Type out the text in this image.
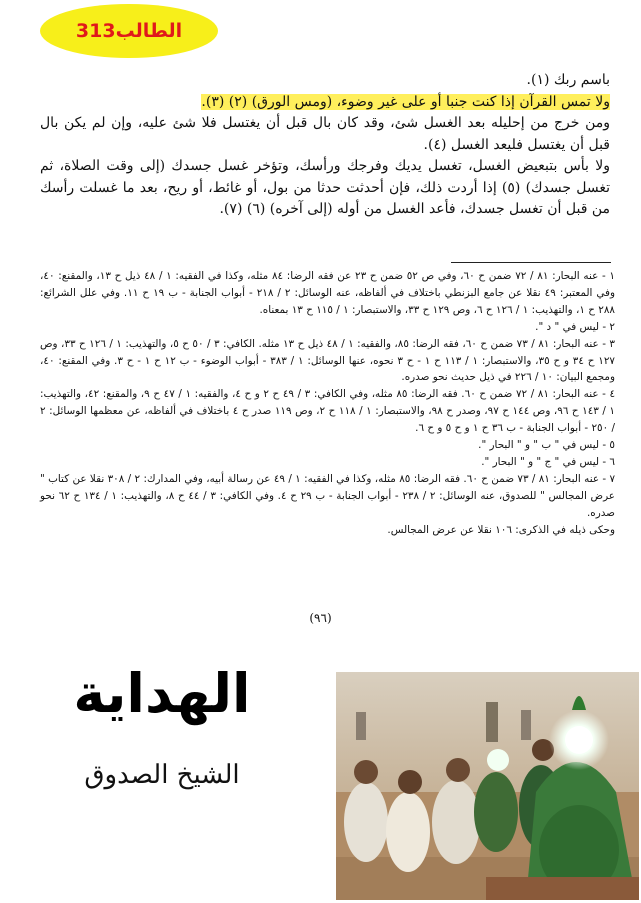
الطالب313

باسم ربك (١).

ولا تمس القرآن إذا كنت جنبا أو على غير وضوء، (ومس الورق) (٢) (٣).

ومن خرج من إحليله بعد الغسل شئ، وقد كان بال قبل أن يغتسل فلا شئ عليه، وإن لم يكن بال قبل أن يغتسل فليعد الغسل (٤).

ولا بأس بتبعيض الغسل، تغسل يديك وفرجك ورأسك، وتؤخر غسل جسدك (إلى وقت الصلاة، ثم تغسل جسدك) (٥) إذا أردت ذلك، فإن أحدثت حدثا من بول، أو غائط، أو ريح، بعد ما غسلت رأسك من قبل أن تغسل جسدك، فأعد الغسل من أوله (إلى آخره) (٦) (٧).

١ - عنه البحار: ٨١ / ٧٢ ضمن ح ٦٠، وفي ص ٥٢ ضمن ح ٢٣ عن فقه الرضا: ٨٤ مثله، وكذا في الفقيه: ١ / ٤٨ ذيل ح ١٣، والمقنع: ٤٠، وفي المعتبر: ٤٩ نقلا عن جامع البزنطي باختلاف في ألفاظه، عنه الوسائل: ٢ / ٢١٨ - أبواب الجنابة - ب ١٩ ح ١١. وفي علل الشرائع: ٢٨٨ ح ١، والتهذيب: ١ / ١٢٦ ح ٦، وص ١٢٩ ح ٣٣، والاستبصار: ١ / ١١٥ ح ١٣ بمعناه.

٢ - ليس في " د ".

٣ - عنه البحار: ٨١ / ٧٣ ضمن ح ٦٠، فقه الرضا: ٨٥، والفقيه: ١ / ٤٨ ذيل ح ١٣ مثله. الكافي: ٣ / ٥٠ ح ٥، والتهذيب: ١ / ١٢٦ ح ٣٣، وص ١٢٧ ح ٣٤ و ح ٣٥، والاستبصار: ١ / ١١٣ ح ١ - ح ٣ نحوه، عنها الوسائل: ١ / ٣٨٣ - أبواب الوضوء - ب ١٢ ح ١ - ح ٣. وفي المقنع: ٤٠، ومجمع البيان: ١٠ / ٢٢٦ في ذيل حديث نحو صدره.

٤ - عنه البحار: ٨١ / ٧٢ ضمن ح ٦٠. فقه الرضا: ٨٥ مثله، وفي الكافي: ٣ / ٤٩ ح ٢ و ح ٤، والفقيه: ١ / ٤٧ ح ٩، والمقنع: ٤٢، والتهذيب: ١ / ١٤٣ ح ٩٦، وص ١٤٤ ح ٩٧، وصدر ح ٩٨، والاستبصار: ١ / ١١٨ ح ٢، وص ١١٩ صدر ح ٤ باختلاف في ألفاظه، عن معظمها الوسائل: ٢ / ٢٥٠ - أبواب الجنابة - ب ٣٦ ح ١ و ح ٥ و ح ٦.

٥ - ليس في " ب " و " البحار ".

٦ - ليس في " ج " و " البحار ".

٧ - عنه البحار: ٨١ / ٧٣ ضمن ح ٦٠. فقه الرضا: ٨٥ مثله، وكذا في الفقيه: ١ / ٤٩ عن رسالة أبيه، وفي المدارك: ٢ / ٣٠٨ نقلا عن كتاب " عرض المجالس " للصدوق، عنه الوسائل: ٢ / ٢٣٨ - أبواب الجنابة - ب ٢٩ ح ٤. وفي الكافي: ٣ / ٤٤ ح ٨، والتهذيب: ١ / ١٣٤ ح ٦٢ نحو صدره.

وحكى ذيله في الذكرى: ١٠٦ نقلا عن عرض المجالس.

(٩٦)
الهداية
الشيخ الصدوق
